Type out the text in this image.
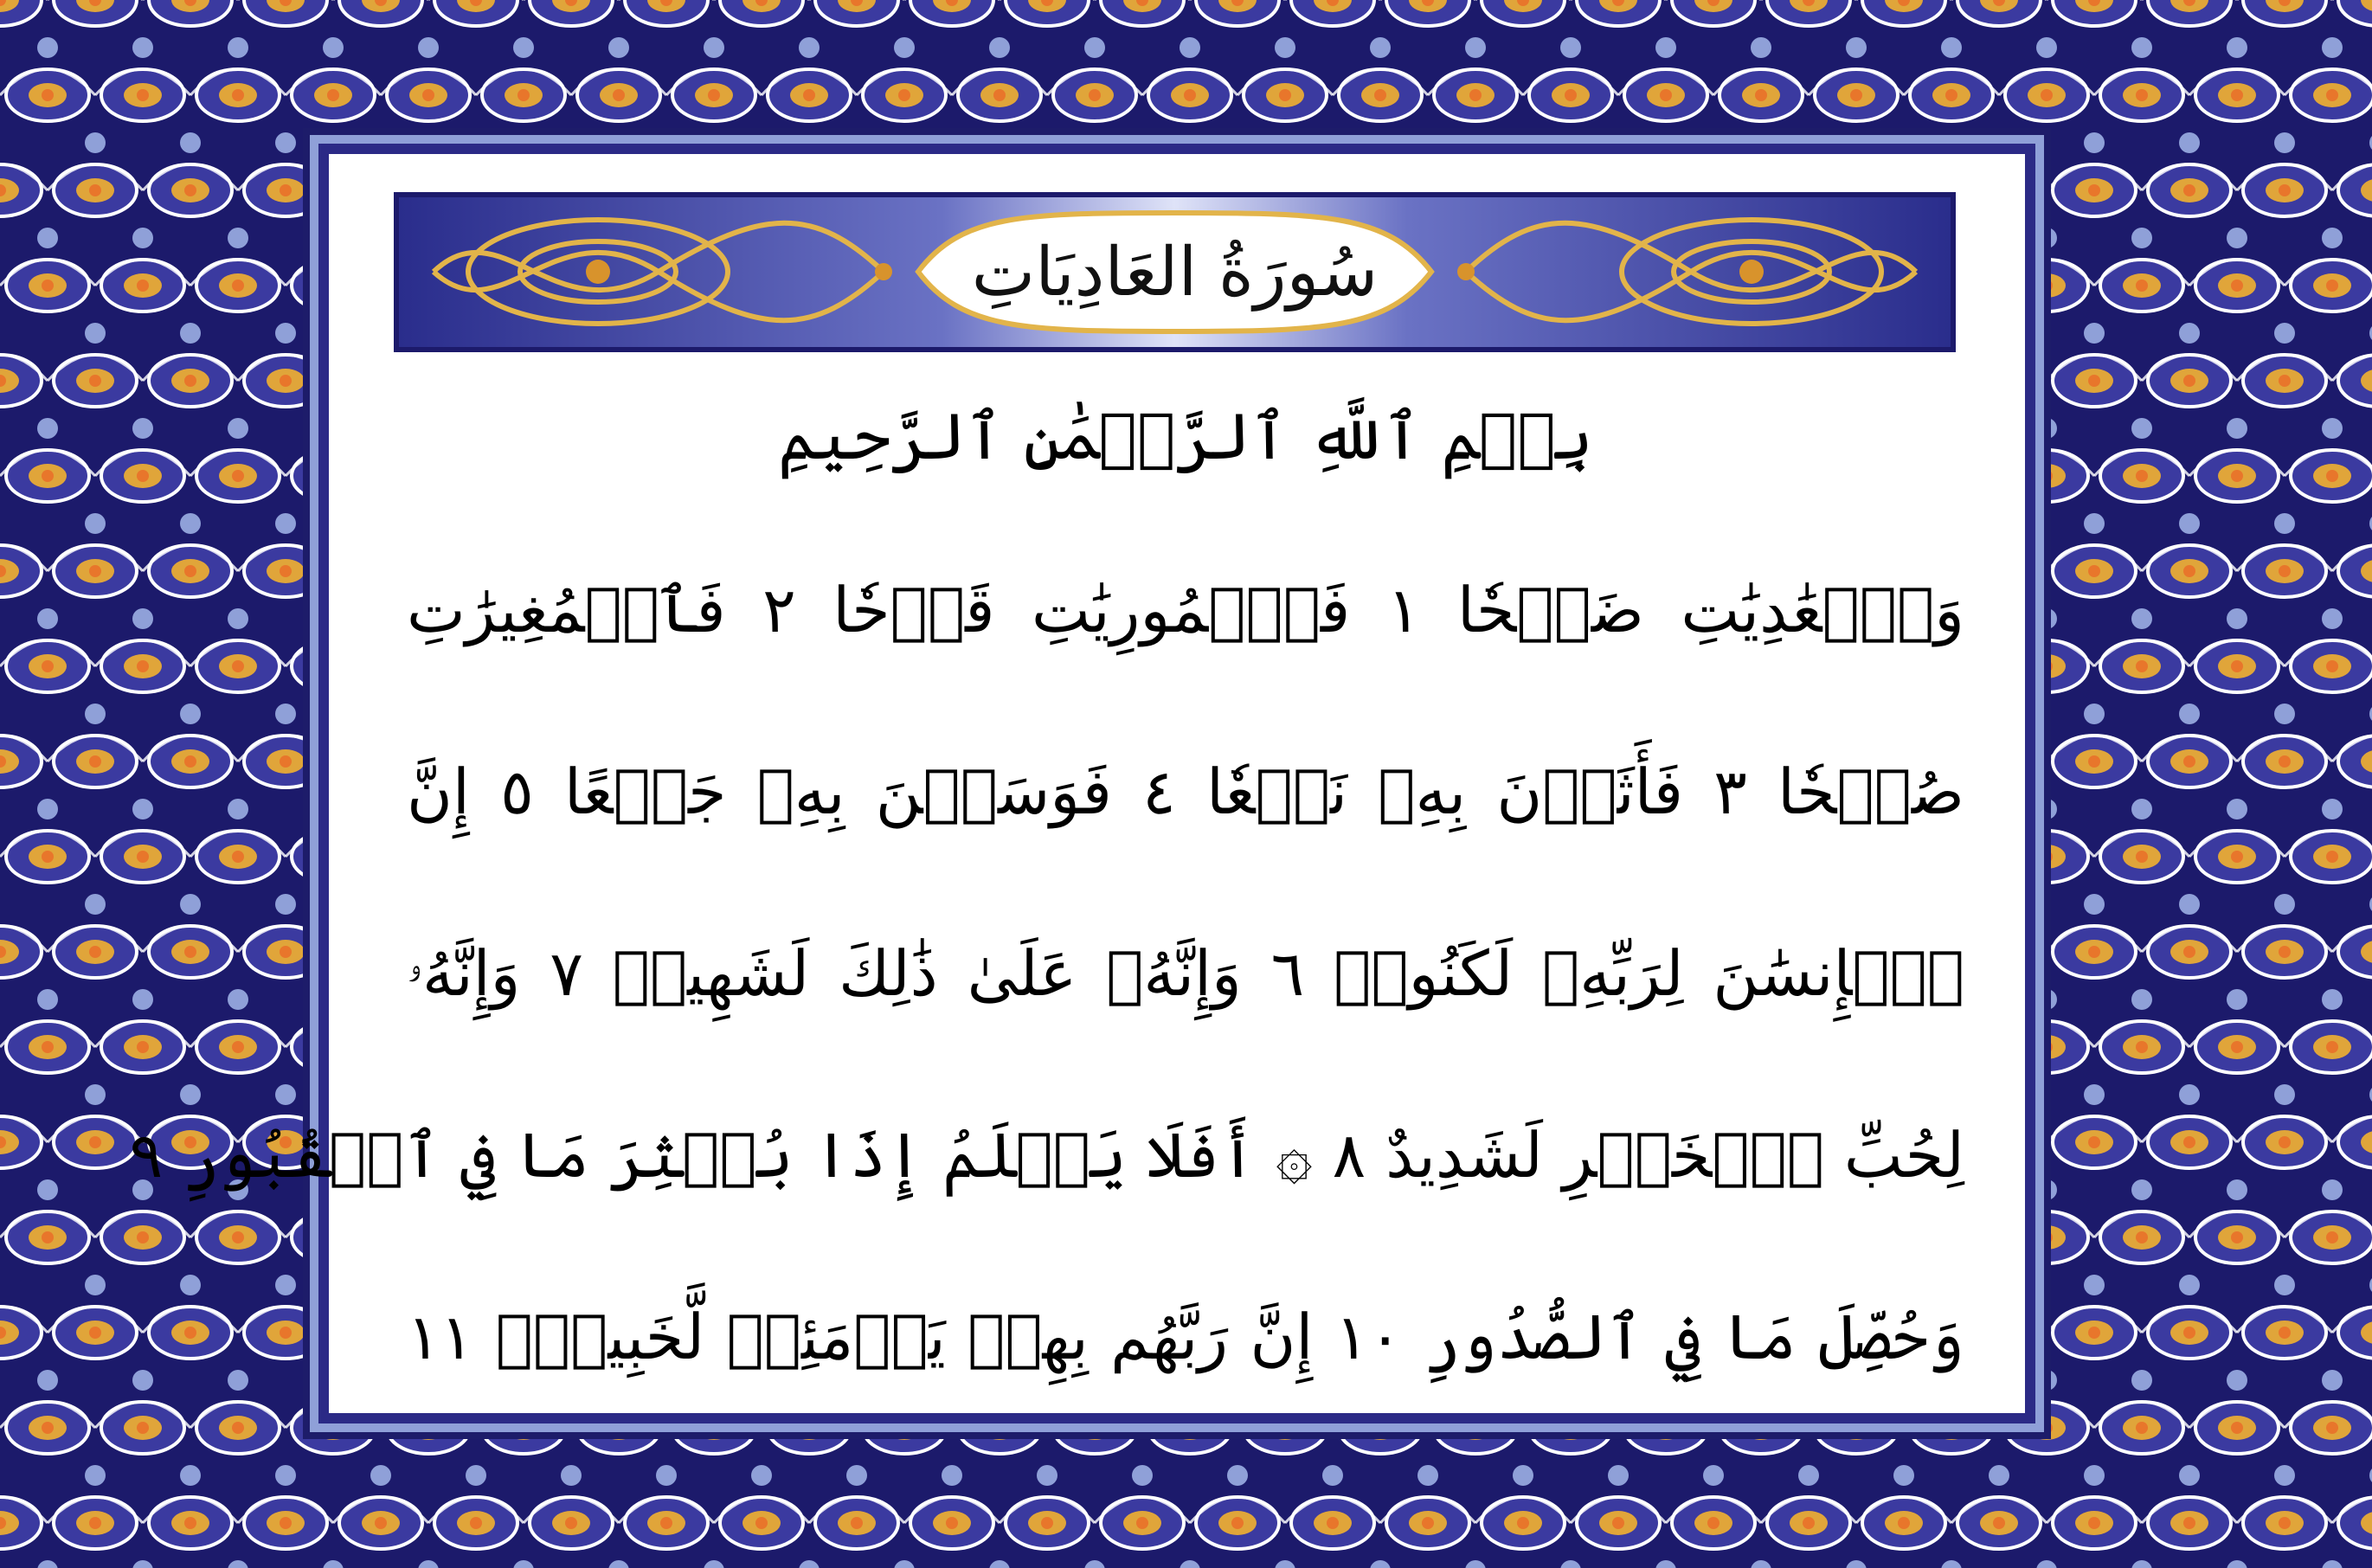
سُورَةُ العَادِيَاتِ
بِسۡمِ ٱللَّهِ ٱلرَّحۡمَٰنِ ٱلرَّحِيمِ
وَٱلۡعَٰدِيَٰتِ ضَبۡحٗا ١ فَٱلۡمُورِيَٰتِ قَدۡحٗا ٢ فَٱلۡمُغِيرَٰتِ
صُبۡحٗا ٣ فَأَثَرۡنَ بِهِۦ نَقۡعٗا ٤ فَوَسَطۡنَ بِهِۦ جَمۡعًا ٥ إِنَّ
ٱلۡإِنسَٰنَ لِرَبِّهِۦ لَكَنُودٞ ٦ وَإِنَّهُۥ عَلَىٰ ذَٰلِكَ لَشَهِيدٞ ٧ وَإِنَّهُۥ
لِحُبِّ ٱلۡخَيۡرِ لَشَدِيدٌ ٨ ۞ أَفَلَا يَعۡلَمُ إِذَا بُعۡثِرَ مَا فِي ٱلۡقُبُورِ ٩
وَحُصِّلَ مَا فِي ٱلصُّدُورِ ١٠ إِنَّ رَبَّهُم بِهِمۡ يَوۡمَئِذٖ لَّخَبِيرُۢ ١١
